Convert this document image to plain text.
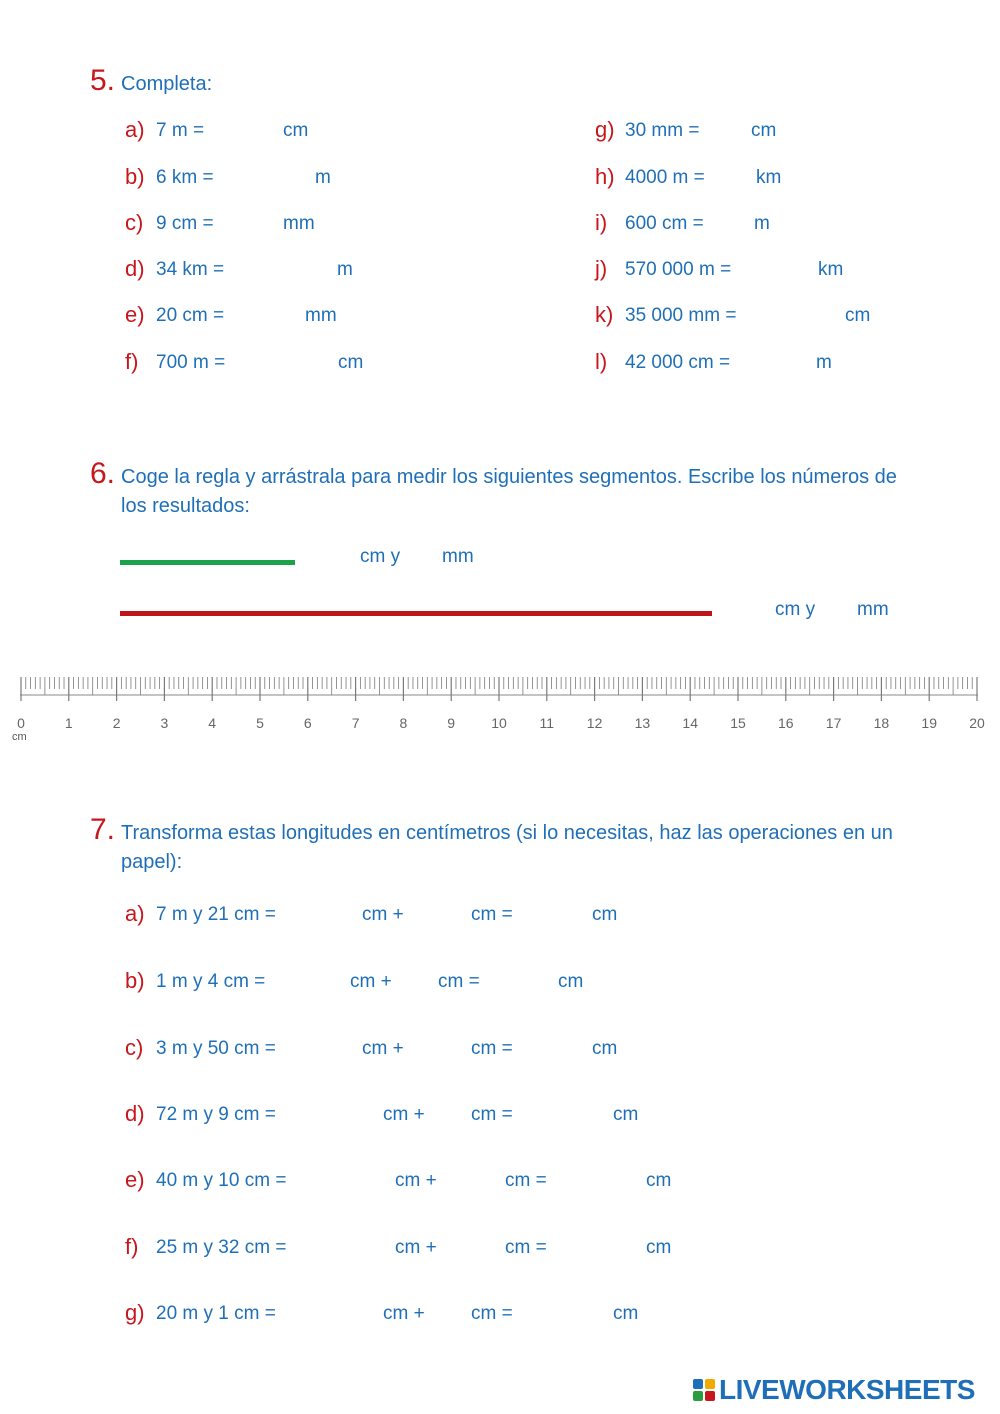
5. Completa:
a) 7 m =	cm
b) 6 km =	m
c) 9 cm =	mm
d) 34 km =	m
e) 20 cm =	mm
f) 700 m =	cm
g) 30 mm =	cm
h) 4000 m =	km
i) 600 cm =	m
j) 570 000 m =	km
k) 35 000 mm =	cm
l) 42 000 cm =	m
6. Coge la regla y arrástrala para medir los siguientes segmentos. Escribe los números de
los resultados:
cm y mm
cm y mm
0	1	2	3	4	5	6	7	8	9	10 11 12 13 14 15 16 17 18 19 20
cm
7. Transforma estas longitudes en centímetros (si lo necesitas, haz las operaciones en un
papel):
a) 7 m y 21 cm =	cm +	cm =	cm
b) 1 m y 4 cm =	cm + cm =	cm
c) 3 m y 50 cm =	cm +	cm =	cm
d) 72 m y 9 cm =	cm + cm =	cm
e) 40 m y 10 cm =	cm +	cm =	cm
f) 25 m y 32 cm =	cm +	cm =	cm
g) 20 m y 1 cm =	cm + cm =	cm
LIVEWORKSHEETS
